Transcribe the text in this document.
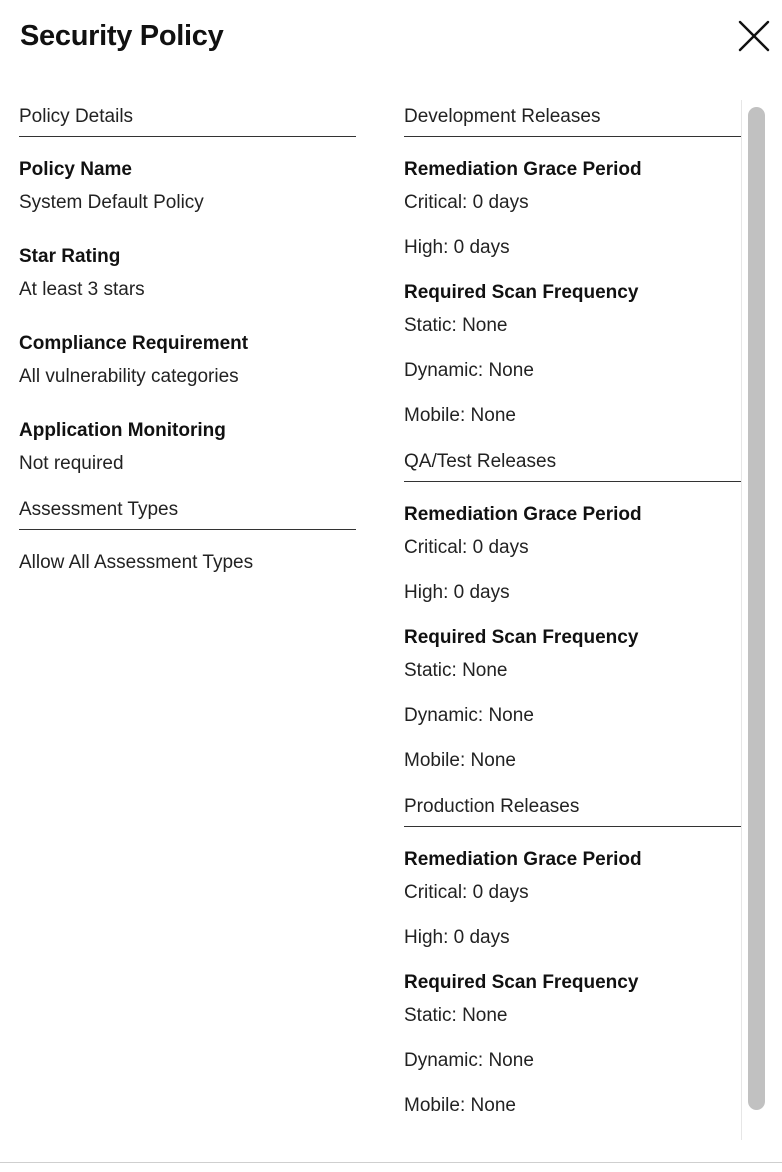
Security Policy
Policy Details
Policy Name
System Default Policy
Star Rating
At least 3 stars
Compliance Requirement
All vulnerability categories
Application Monitoring
Not required
Assessment Types
Allow All Assessment Types
Development Releases
Remediation Grace Period
Critical: 0 days
High: 0 days
Required Scan Frequency
Static: None
Dynamic: None
Mobile: None
QA/Test Releases
Remediation Grace Period
Critical: 0 days
High: 0 days
Required Scan Frequency
Static: None
Dynamic: None
Mobile: None
Production Releases
Remediation Grace Period
Critical: 0 days
High: 0 days
Required Scan Frequency
Static: None
Dynamic: None
Mobile: None
